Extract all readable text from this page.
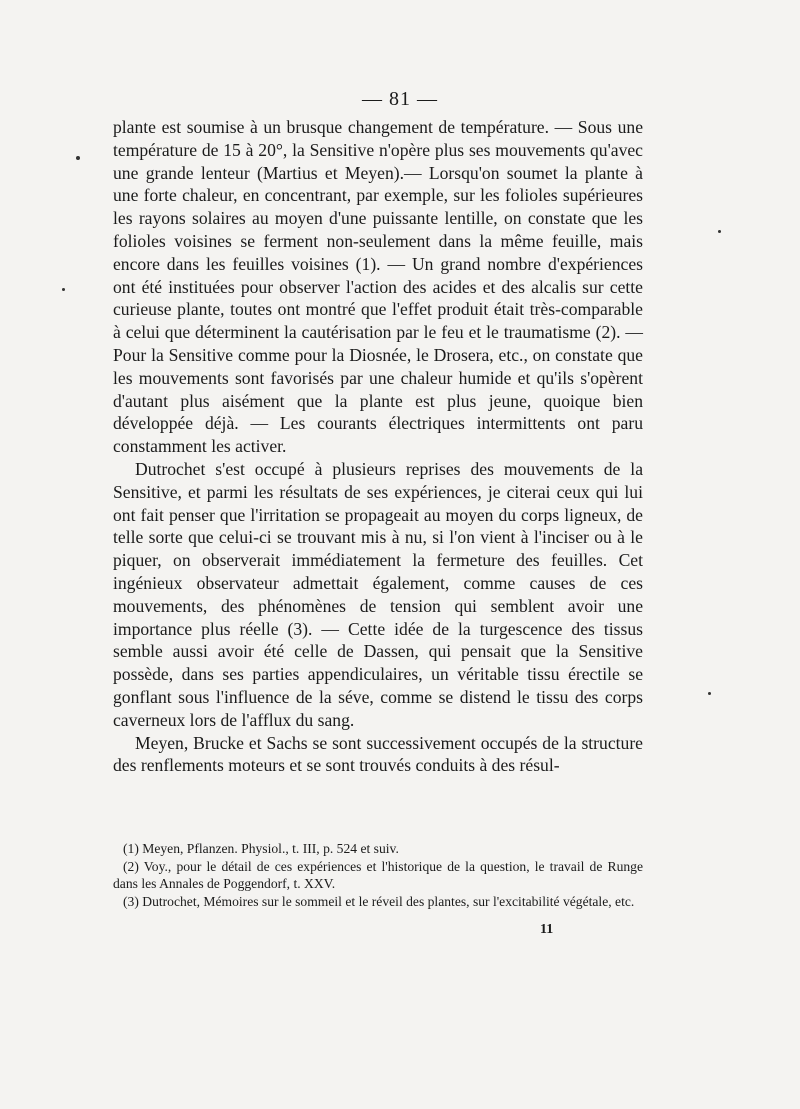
— 81 —

plante est soumise à un brusque changement de température. — Sous une température de 15 à 20°, la Sensitive n'opère plus ses mouvements qu'avec une grande lenteur (Martius et Meyen).— Lorsqu'on soumet la plante à une forte chaleur, en concentrant, par exemple, sur les folioles supérieures les rayons solaires au moyen d'une puissante lentille, on constate que les folioles voisines se ferment non-seulement dans la même feuille, mais encore dans les feuilles voisines (1). — Un grand nombre d'expériences ont été instituées pour observer l'action des acides et des alcalis sur cette curieuse plante, toutes ont montré que l'effet produit était très-comparable à celui que déterminent la cautérisation par le feu et le traumatisme (2). — Pour la Sensitive comme pour la Diosnée, le Drosera, etc., on constate que les mouvements sont favorisés par une chaleur humide et qu'ils s'opèrent d'autant plus aisément que la plante est plus jeune, quoique bien développée déjà. — Les courants électriques intermittents ont paru constamment les activer.

Dutrochet s'est occupé à plusieurs reprises des mouvements de la Sensitive, et parmi les résultats de ses expériences, je citerai ceux qui lui ont fait penser que l'irritation se propageait au moyen du corps ligneux, de telle sorte que celui-ci se trouvant mis à nu, si l'on vient à l'inciser ou à le piquer, on observerait immédiatement la fermeture des feuilles. Cet ingénieux observateur admettait également, comme causes de ces mouvements, des phénomènes de tension qui semblent avoir une importance plus réelle (3). — Cette idée de la turgescence des tissus semble aussi avoir été celle de Dassen, qui pensait que la Sensitive possède, dans ses parties appendiculaires, un véritable tissu érectile se gonflant sous l'influence de la séve, comme se distend le tissu des corps caverneux lors de l'afflux du sang.

Meyen, Brucke et Sachs se sont successivement occupés de la structure des renflements moteurs et se sont trouvés conduits à des résul-

(1) Meyen, Pflanzen. Physiol., t. III, p. 524 et suiv.

(2) Voy., pour le détail de ces expériences et l'historique de la question, le travail de Runge dans les Annales de Poggendorf, t. XXV.

(3) Dutrochet, Mémoires sur le sommeil et le réveil des plantes, sur l'excitabilité végétale, etc.

11
